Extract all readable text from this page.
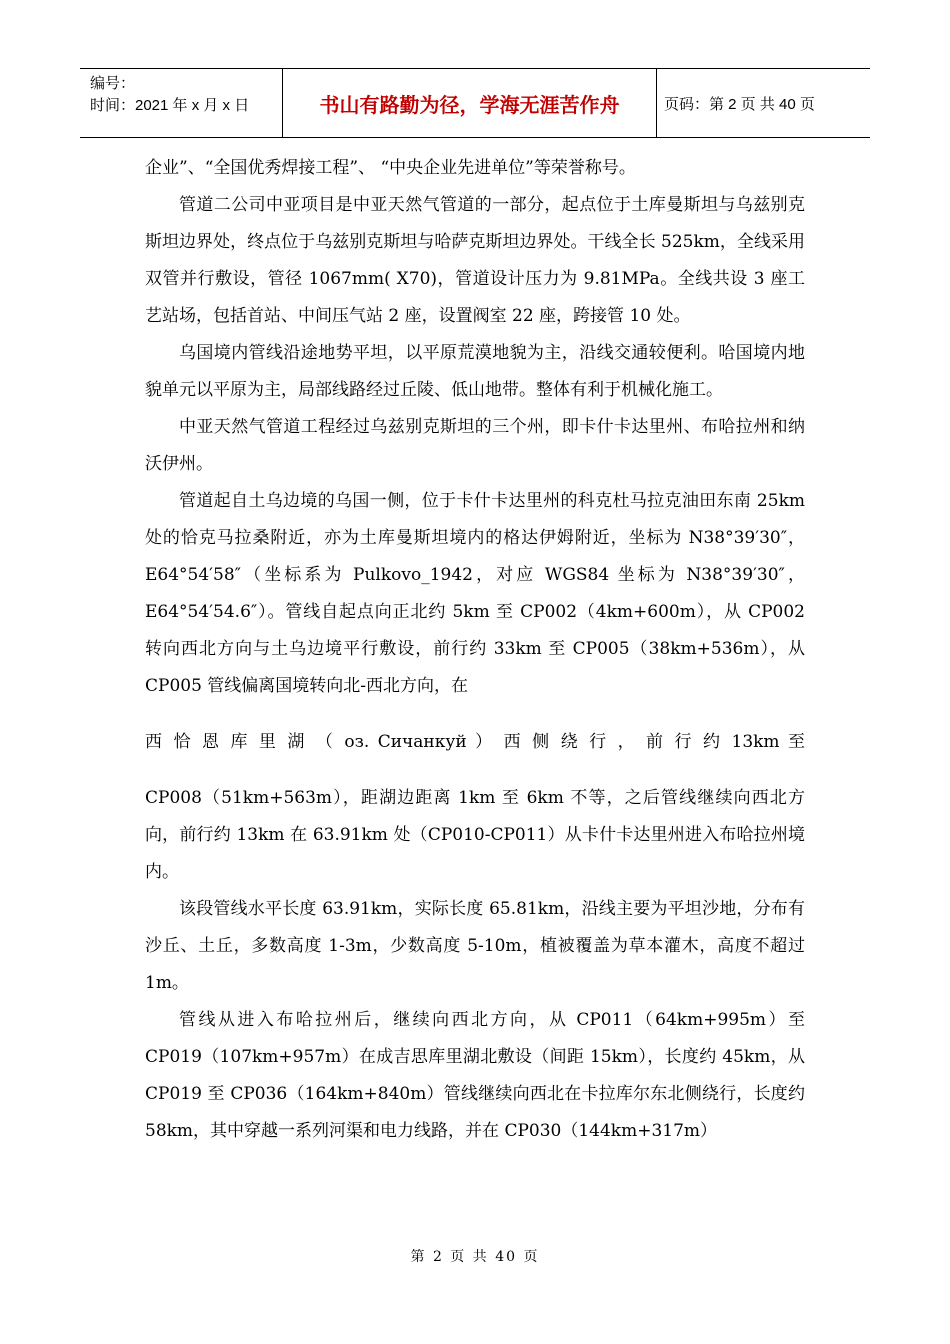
编号：
时间：2021 年 x 月 x 日	书山有路勤为径，学海无涯苦作舟	页码：第 2 页 共 40 页

企业”、“全国优秀焊接工程”、 “中央企业先进单位”等荣誉称号。

管道二公司中亚项目是中亚天然气管道的一部分，起点位于土库曼斯坦与乌兹别克斯坦边界处，终点位于乌兹别克斯坦与哈萨克斯坦边界处。干线全长 525km，全线采用双管并行敷设，管径 1067mm( X70)，管道设计压力为 9.81MPa。全线共设 3 座工艺站场，包括首站、中间压气站 2 座，设置阀室 22 座，跨接管 10 处。

乌国境内管线沿途地势平坦，以平原荒漠地貌为主，沿线交通较便利。哈国境内地貌单元以平原为主，局部线路经过丘陵、低山地带。整体有利于机械化施工。

中亚天然气管道工程经过乌兹别克斯坦的三个州，即卡什卡达里州、布哈拉州和纳沃伊州。

管道起自土乌边境的乌国一侧，位于卡什卡达里州的科克杜马拉克油田东南 25km 处的恰克马拉桑附近，亦为土库曼斯坦境内的格达伊姆附近，坐标为 N38°39′30″， E64°54′58″（坐标系为 Pulkovo_1942，对应 WGS84 坐标为 N38°39′30″， E64°54′54.6″）。管线自起点向正北约 5km 至 CP002（4km+600m），从 CP002 转向西北方向与土乌边境平行敷设，前行约 33km 至 CP005（38km+536m），从 CP005 管线偏离国境转向北-西北方向，在

西 恰 恩 库 里 湖 （ оз. Сичанкуй ） 西 侧 绕 行 ， 前 行 约 13km 至

CP008（51km+563m），距湖边距离 1km 至 6km 不等，之后管线继续向西北方向，前行约 13km 在 63.91km 处（CP010-CP011）从卡什卡达里州进入布哈拉州境内。

该段管线水平长度 63.91km，实际长度 65.81km，沿线主要为平坦沙地，分布有沙丘、土丘，多数高度 1-3m，少数高度 5-10m，植被覆盖为草本灌木，高度不超过 1m。

管线从进入布哈拉州后，继续向西北方向，从 CP011（64km+995m）至 CP019（107km+957m）在成吉思库里湖北敷设（间距 15km），长度约 45km，从 CP019 至 CP036（164km+840m）管线继续向西北在卡拉库尔东北侧绕行，长度约 58km，其中穿越一系列河渠和电力线路，并在 CP030（144km+317m）

第 2 页 共 40 页
